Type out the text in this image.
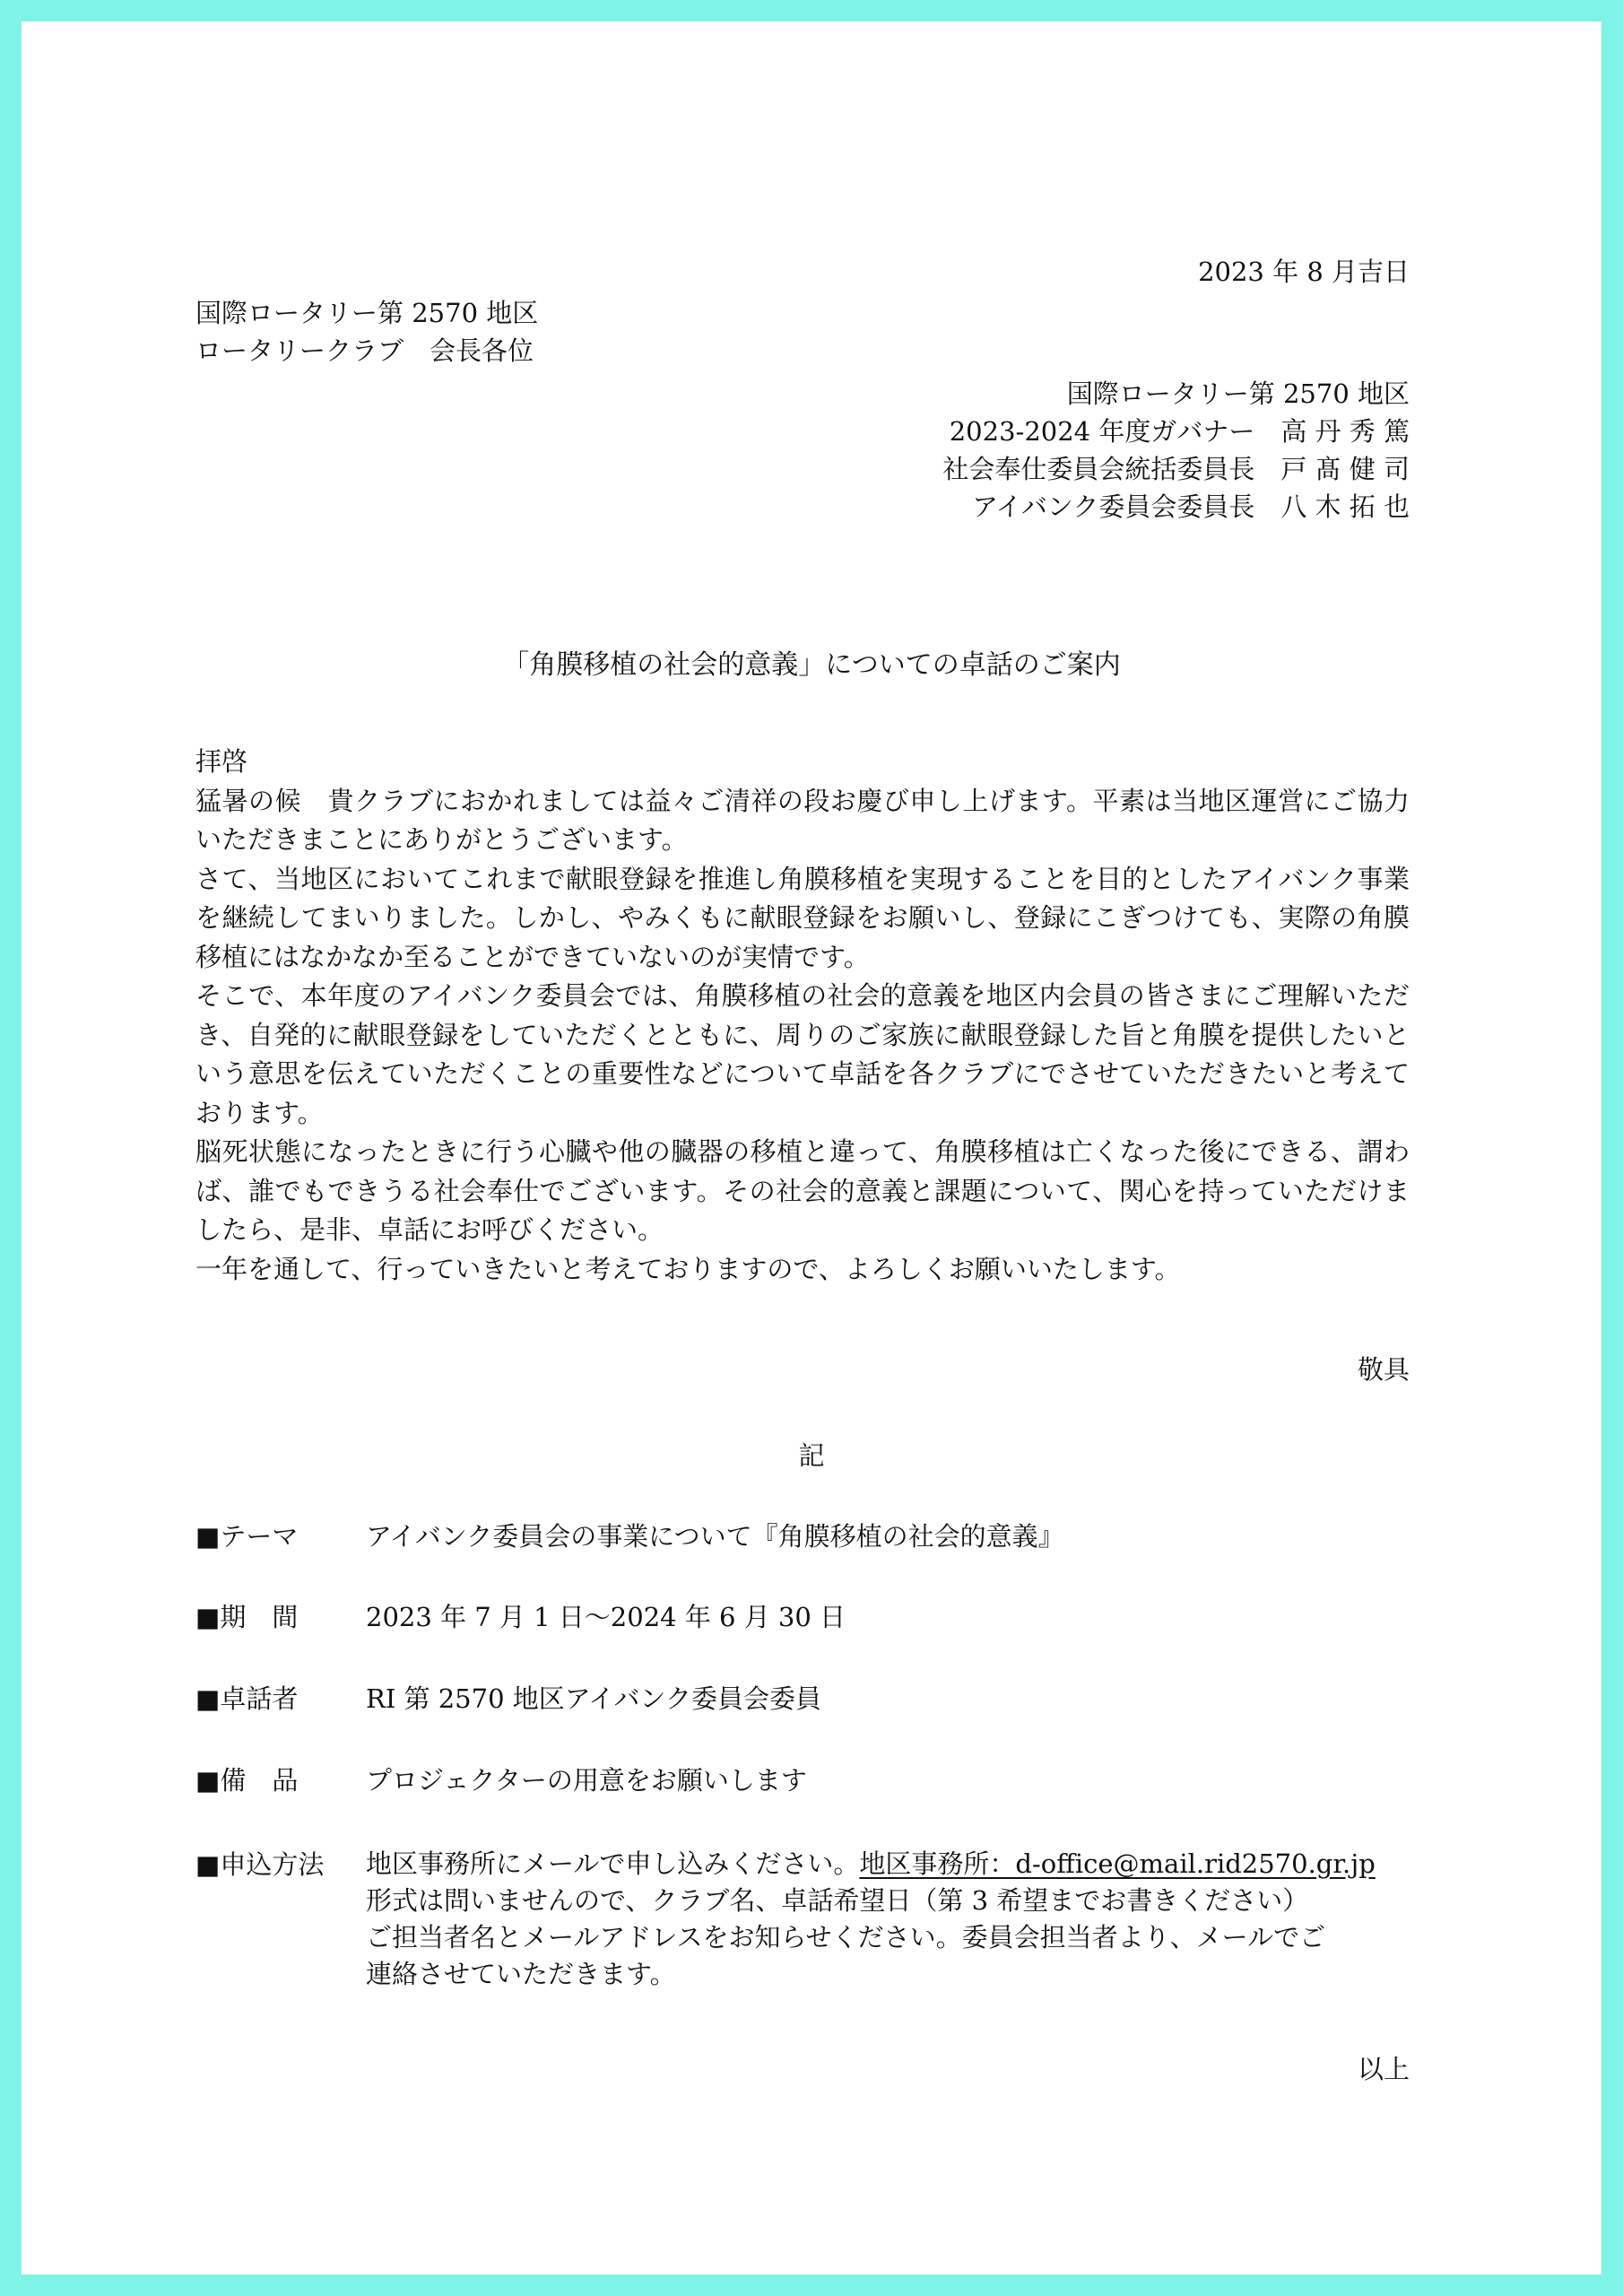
2023 年 8 月吉日
国際ロータリー第 2570 地区
ロータリークラブ　会長各位
国際ロータリー第 2570 地区
2023-2024 年度ガバナー　高 丹 秀 篤
社会奉仕委員会統括委員長　戸 髙 健 司
アイバンク委員会委員長　八 木 拓 也
「角膜移植の社会的意義」についての卓話のご案内

拝啓

猛暑の候　貴クラブにおかれましては益々ご清祥の段お慶び申し上げます。平素は当地区運営にご協力いただきまことにありがとうございます。

さて、当地区においてこれまで献眼登録を推進し角膜移植を実現することを目的としたアイバンク事業を継続してまいりました。しかし、やみくもに献眼登録をお願いし、登録にこぎつけても、実際の角膜移植にはなかなか至ることができていないのが実情です。

そこで、本年度のアイバンク委員会では、角膜移植の社会的意義を地区内会員の皆さまにご理解いただき、自発的に献眼登録をしていただくとともに、周りのご家族に献眼登録した旨と角膜を提供したいという意思を伝えていただくことの重要性などについて卓話を各クラブにでさせていただきたいと考えております。

脳死状態になったときに行う心臓や他の臓器の移植と違って、角膜移植は亡くなった後にできる、謂わば、誰でもできうる社会奉仕でございます。その社会的意義と課題について、関心を持っていただけましたら、是非、卓話にお呼びください。

一年を通して、行っていきたいと考えておりますので、よろしくお願いいたします。

敬具
記
■テーマ	アイバンク委員会の事業について『角膜移植の社会的意義』
■期　間	2023 年 7 月 1 日～2024 年 6 月 30 日
■卓話者	RI 第 2570 地区アイバンク委員会委員
■備　品	プロジェクターの用意をお願いします
■申込方法 地区事務所にメールで申し込みください。地区事務所：d-office@mail.rid2570.gr.jp
形式は問いませんので、クラブ名、卓話希望日（第 3 希望までお書きください）
ご担当者名とメールアドレスをお知らせください。委員会担当者より、メールでご
連絡させていただきます。
以上
